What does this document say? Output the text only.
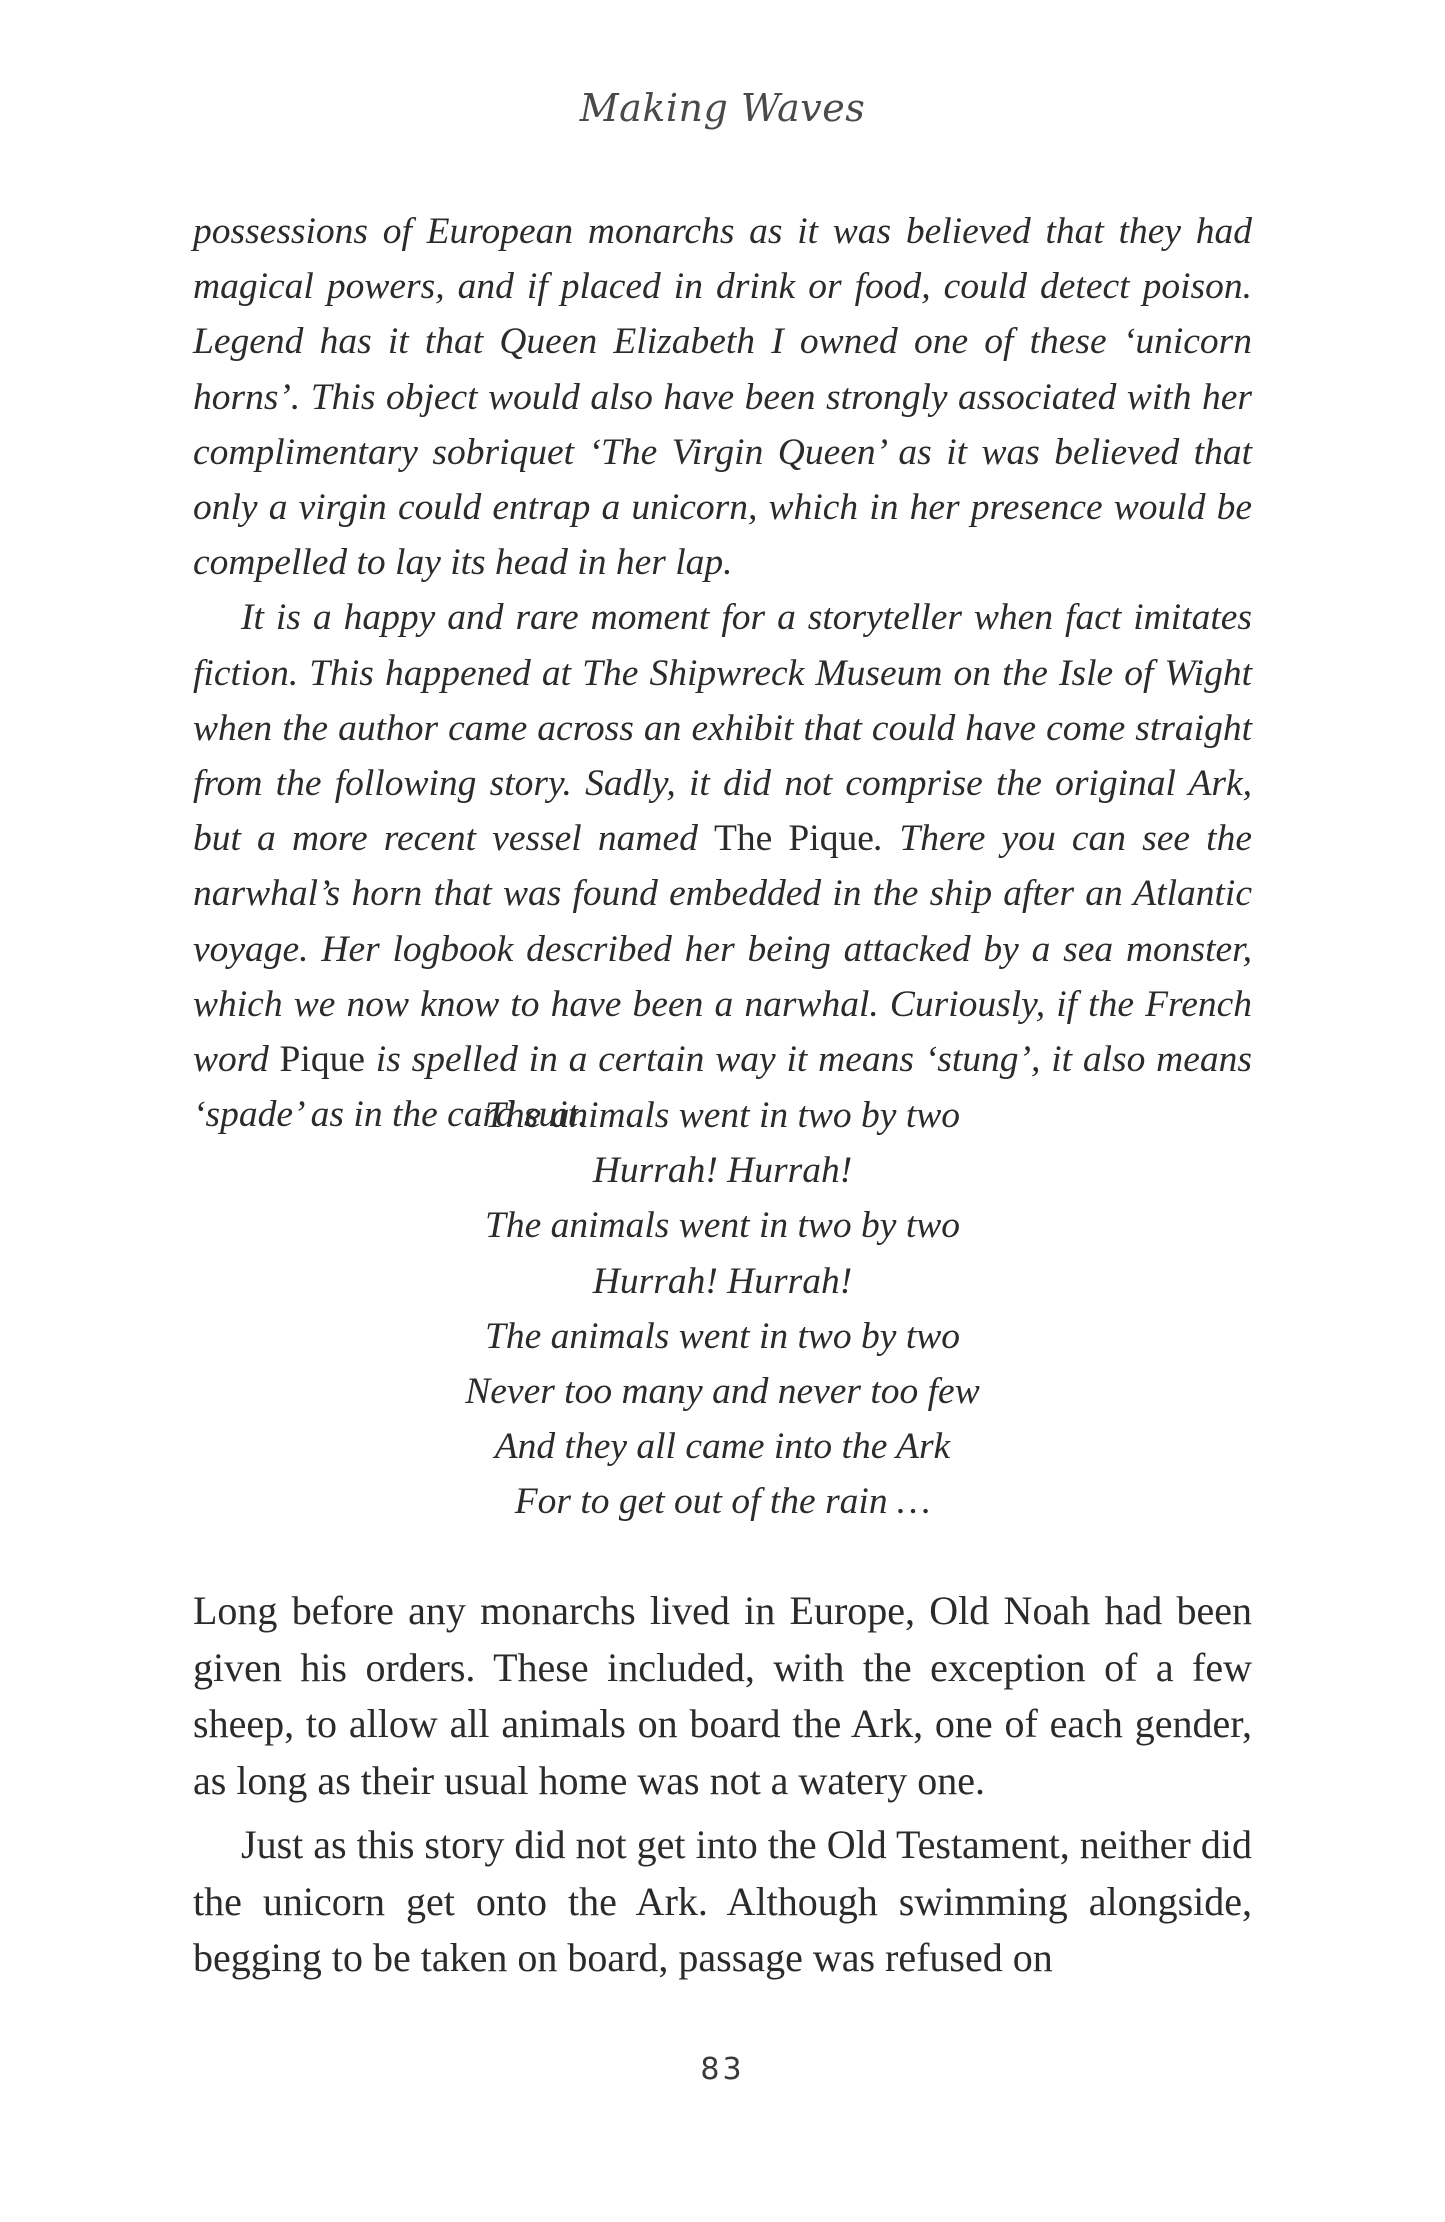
Making Waves

possessions of European monarchs as it was believed that they had magical powers, and if placed in drink or food, could detect poison. Legend has it that Queen Elizabeth I owned one of these ‘unicorn horns’. This object would also have been strongly associated with her complimentary sobriquet ‘The Virgin Queen’ as it was believed that only a virgin could entrap a unicorn, which in her presence would be compelled to lay its head in her lap.

It is a happy and rare moment for a storyteller when fact imitates fiction. This happened at The Shipwreck Museum on the Isle of Wight when the author came across an exhibit that could have come straight from the following story. Sadly, it did not comprise the original Ark, but a more recent vessel named The Pique. There you can see the narwhal’s horn that was found embedded in the ship after an Atlantic voyage. Her logbook described her being attacked by a sea monster, which we now know to have been a narwhal. Curiously, if the French word Pique is spelled in a certain way it means ‘stung’, it also means ‘spade’ as in the card suit.

The animals went in two by two
Hurrah! Hurrah!
The animals went in two by two
Hurrah! Hurrah!
The animals went in two by two
Never too many and never too few
And they all came into the Ark
For to get out of the rain …

Long before any monarchs lived in Europe, Old Noah had been given his orders. These included, with the exception of a few sheep, to allow all animals on board the Ark, one of each gender, as long as their usual home was not a watery one.

Just as this story did not get into the Old Testament, neither did the unicorn get onto the Ark. Although swimming alongside, begging to be taken on board, passage was refused on

83
